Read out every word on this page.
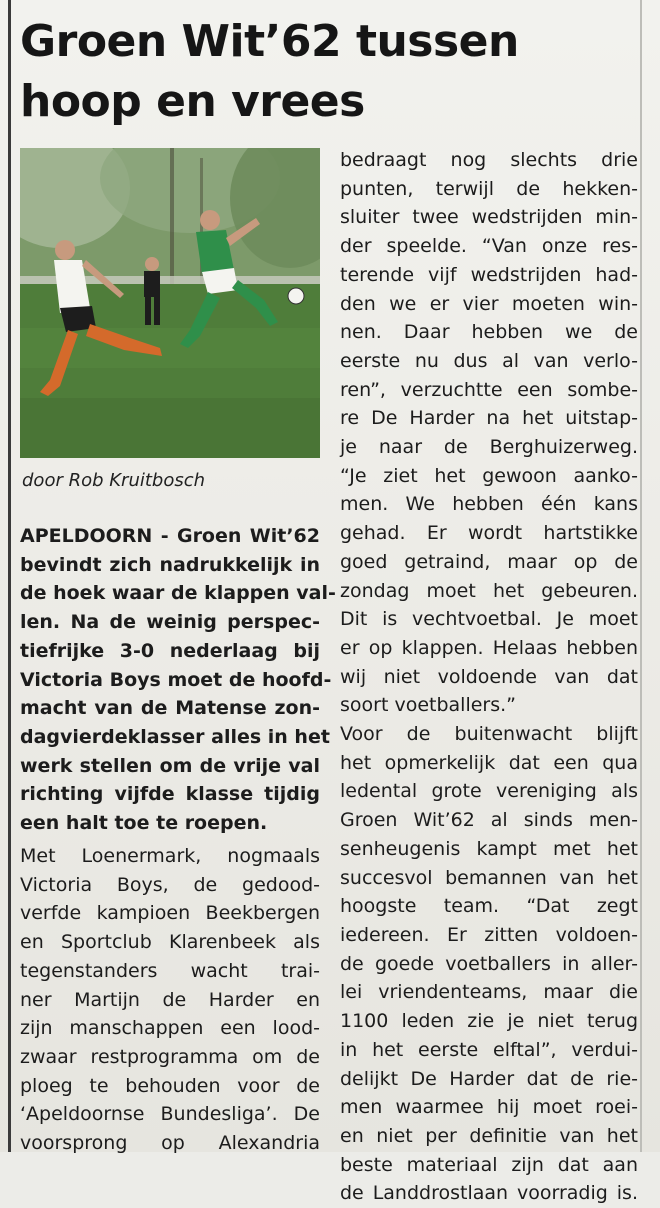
Groen Wit’62 tussen
hoop en vrees

door Rob Kruitbosch

APELDOORN - Groen Wit’62
bevindt zich nadrukkelijk in
de hoek waar de klappen val-
len. Na de weinig perspec-
tiefrijke 3-0 nederlaag bij
Victoria Boys moet de hoofd-
macht van de Matense zon-
dagvierdeklasser alles in het
werk stellen om de vrije val
richting vijfde klasse tijdig
een halt toe te roepen.
Met Loenermark, nogmaals
Victoria Boys, de gedood-
verfde kampioen Beekbergen
en Sportclub Klarenbeek als
tegenstanders wacht trai-
ner Martijn de Harder en
zijn manschappen een lood-
zwaar restprogramma om de
ploeg te behouden voor de
‘Apeldoornse Bundesliga’. De
voorsprong op Alexandria
bedraagt nog slechts drie
punten, terwijl de hekken-
sluiter twee wedstrijden min-
der speelde. “Van onze res-
terende vijf wedstrijden had-
den we er vier moeten win-
nen. Daar hebben we de
eerste nu dus al van verlo-
ren”, verzuchtte een sombe-
re De Harder na het uitstap-
je naar de Berghuizerweg.
“Je ziet het gewoon aanko-
men. We hebben één kans
gehad. Er wordt hartstikke
goed getraind, maar op de
zondag moet het gebeuren.
Dit is vechtvoetbal. Je moet
er op klappen. Helaas hebben
wij niet voldoende van dat
soort voetballers.”
Voor de buitenwacht blijft
het opmerkelijk dat een qua
ledental grote vereniging als
Groen Wit’62 al sinds men-
senheugenis kampt met het
succesvol bemannen van het
hoogste team. “Dat zegt
iedereen. Er zitten voldoen-
de goede voetballers in aller-
lei vriendenteams, maar die
1100 leden zie je niet terug
in het eerste elftal”, verdui-
delijkt De Harder dat de rie-
men waarmee hij moet roei-
en niet per definitie van het
beste materiaal zijn dat aan
de Landdrostlaan voorradig is.
